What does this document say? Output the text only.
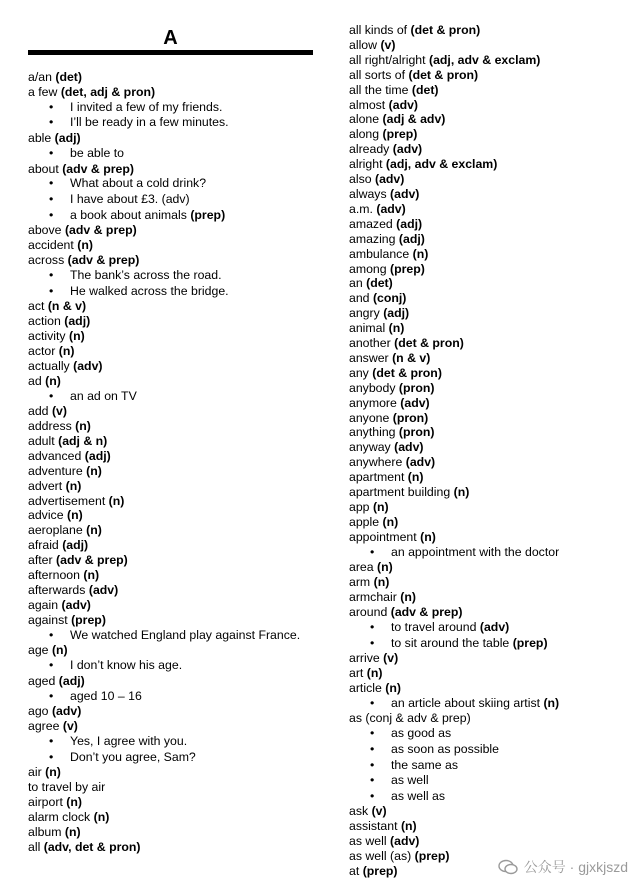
A
a/an (det)
a few (det, adj & pron)
• I invited a few of my friends.
• I’ll be ready in a few minutes.
able (adj)
• be able to
about (adv & prep)
• What about a cold drink?
• I have about £3. (adv)
• a book about animals (prep)
above (adv & prep)
accident (n)
across (adv & prep)
• The bank’s across the road.
• He walked across the bridge.
act (n & v)
action (adj)
activity (n)
actor (n)
actually (adv)
ad (n)
• an ad on TV
add (v)
address (n)
adult (adj & n)
advanced (adj)
adventure (n)
advert (n)
advertisement (n)
advice (n)
aeroplane (n)
afraid (adj)
after (adv & prep)
afternoon (n)
afterwards (adv)
again (adv)
against (prep)
• We watched England play against France.
age (n)
• I don’t know his age.
aged (adj)
• aged 10 – 16
ago (adv)
agree (v)
• Yes, I agree with you.
• Don’t you agree, Sam?
air (n)
to travel by air
airport (n)
alarm clock (n)
album (n)
all (adv, det & pron)
all kinds of (det & pron)
allow (v)
all right/alright (adj, adv & exclam)
all sorts of (det & pron)
all the time (det)
almost (adv)
alone (adj & adv)
along (prep)
already (adv)
alright (adj, adv & exclam)
also (adv)
always (adv)
a.m. (adv)
amazed (adj)
amazing (adj)
ambulance (n)
among (prep)
an (det)
and (conj)
angry (adj)
animal (n)
another (det & pron)
answer (n & v)
any (det & pron)
anybody (pron)
anymore (adv)
anyone (pron)
anything (pron)
anyway (adv)
anywhere (adv)
apartment (n)
apartment building (n)
app (n)
apple (n)
appointment (n)
• an appointment with the doctor
area (n)
arm (n)
armchair (n)
around (adv & prep)
• to travel around (adv)
• to sit around the table (prep)
arrive (v)
art (n)
article (n)
• an article about skiing artist (n)
as (conj & adv & prep)
• as good as
• as soon as possible
• the same as
• as well
• as well as
ask (v)
assistant (n)
as well (adv)
as well (as) (prep)
at (prep)	公众号 · gjxkjszd
